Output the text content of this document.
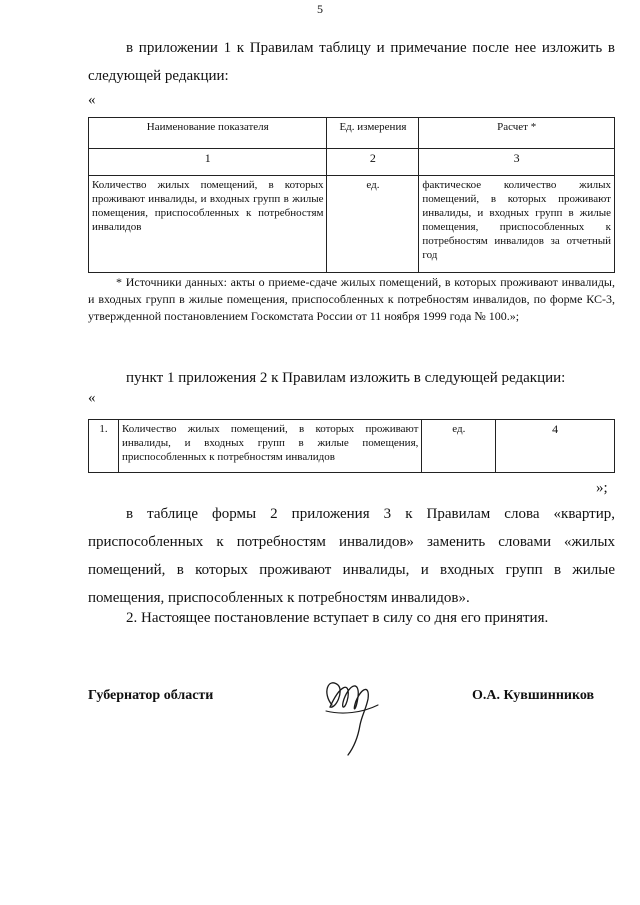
5
в приложении 1 к Правилам таблицу и примечание после нее изложить в следующей редакции:
«
Наименование показателя	Ед. измерения	Расчет *
1	2	3
Количество жилых помещений, в которых проживают инвалиды, и входных групп в жилые помещения, приспособленных к потребностям инвалидов	ед.	фактическое количество жилых помещений, в которых проживают инвалиды, и входных групп в жилые помещения, приспособленных к потребностям инвалидов за отчетный год
* Источники данных: акты о приеме-сдаче жилых помещений, в которых проживают инвалиды, и входных групп в жилые помещения, приспособленных к потребностям инвалидов, по форме КС-3, утвержденной постановлением Госкомстата России от 11 ноября 1999 года № 100.»;
пункт 1 приложения 2 к Правилам изложить в следующей редакции:
«
1.	Количество жилых помещений, в которых проживают инвалиды, и входных групп в жилые помещения, приспособленных к потребностям инвалидов	ед.	4
»;
в таблице формы 2 приложения 3 к Правилам слова «квартир, приспособленных к потребностям инвалидов» заменить словами «жилых помещений, в которых проживают инвалиды, и входных групп в жилые помещения, приспособленных к потребностям инвалидов».
2. Настоящее постановление вступает в силу со дня его принятия.
Губернатор области	О.А. Кувшинников
